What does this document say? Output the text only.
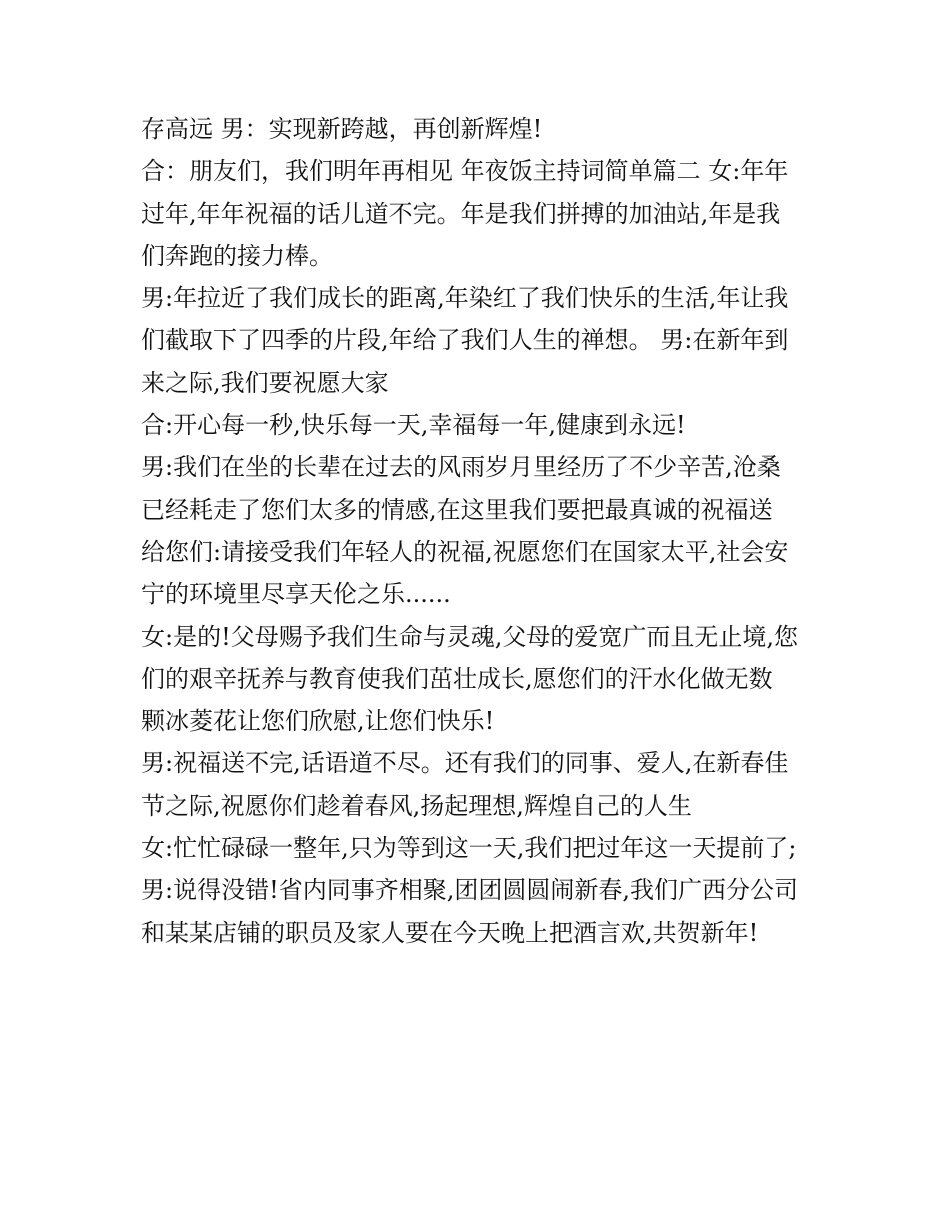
存高远 男：实现新跨越，再创新辉煌!
合：朋友们，我们明年再相见 年夜饭主持词简单篇二 女:年年
过年,年年祝福的话儿道不完。年是我们拼搏的加油站,年是我
们奔跑的接力棒。
男:年拉近了我们成长的距离,年染红了我们快乐的生活,年让我
们截取下了四季的片段,年给了我们人生的禅想。 男:在新年到
来之际,我们要祝愿大家
合:开心每一秒,快乐每一天,幸福每一年,健康到永远!
男:我们在坐的长辈在过去的风雨岁月里经历了不少辛苦,沧桑
已经耗走了您们太多的情感,在这里我们要把最真诚的祝福送
给您们:请接受我们年轻人的祝福,祝愿您们在国家太平,社会安
宁的环境里尽享天伦之乐......
女:是的!父母赐予我们生命与灵魂,父母的爱宽广而且无止境,您
们的艰辛抚养与教育使我们茁壮成长,愿您们的汗水化做无数
颗冰菱花让您们欣慰,让您们快乐!
男:祝福送不完,话语道不尽。还有我们的同事、爱人,在新春佳
节之际,祝愿你们趁着春风,扬起理想,辉煌自己的人生
女:忙忙碌碌一整年,只为等到这一天,我们把过年这一天提前了;
男:说得没错!省内同事齐相聚,团团圆圆闹新春,我们广西分公司
和某某店铺的职员及家人要在今天晚上把酒言欢,共贺新年!
